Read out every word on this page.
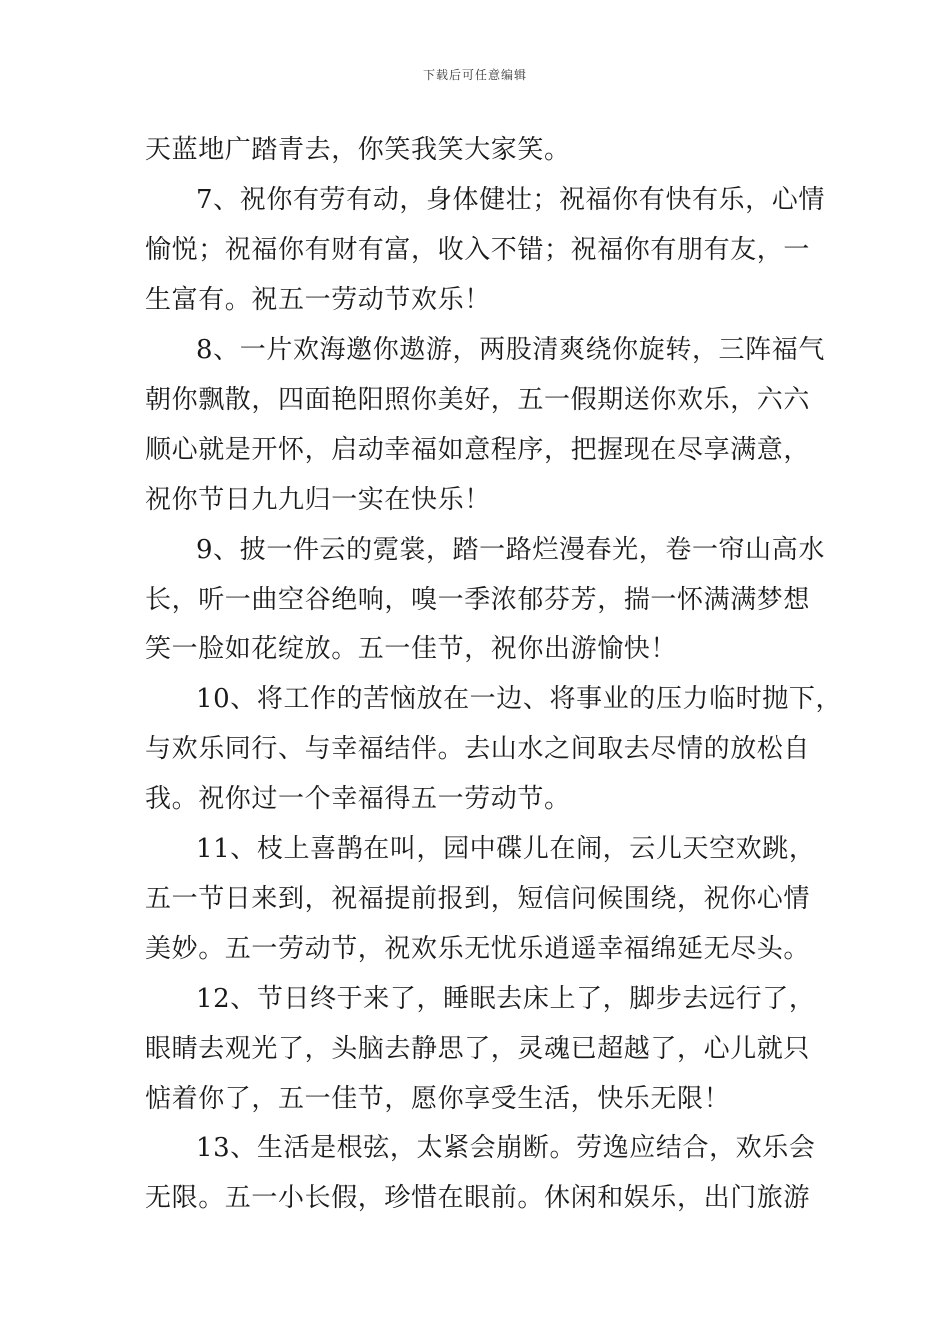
下载后可任意编辑
天蓝地广踏青去，你笑我笑大家笑。
7、祝你有劳有动，身体健壮；祝福你有快有乐，心情
愉悦；祝福你有财有富，收入不错；祝福你有朋有友，一
生富有。祝五一劳动节欢乐！
8、一片欢海邀你遨游，两股清爽绕你旋转，三阵福气
朝你飘散，四面艳阳照你美好，五一假期送你欢乐，六六
顺心就是开怀，启动幸福如意程序，把握现在尽享满意，
祝你节日九九归一实在快乐！
9、披一件云的霓裳，踏一路烂漫春光，卷一帘山高水
长，听一曲空谷绝响，嗅一季浓郁芬芳，揣一怀满满梦想
笑一脸如花绽放。五一佳节，祝你出游愉快！
10、将工作的苦恼放在一边、将事业的压力临时抛下，
与欢乐同行、与幸福结伴。去山水之间取去尽情的放松自
我。祝你过一个幸福得五一劳动节。
11、枝上喜鹊在叫，园中碟儿在闹，云儿天空欢跳，
五一节日来到，祝福提前报到，短信问候围绕，祝你心情
美妙。五一劳动节，祝欢乐无忧乐逍遥幸福绵延无尽头。
12、节日终于来了，睡眠去床上了，脚步去远行了，
眼睛去观光了，头脑去静思了，灵魂已超越了，心儿就只
惦着你了，五一佳节，愿你享受生活，快乐无限！
13、生活是根弦，太紧会崩断。劳逸应结合，欢乐会
无限。五一小长假，珍惜在眼前。休闲和娱乐，出门旅游
